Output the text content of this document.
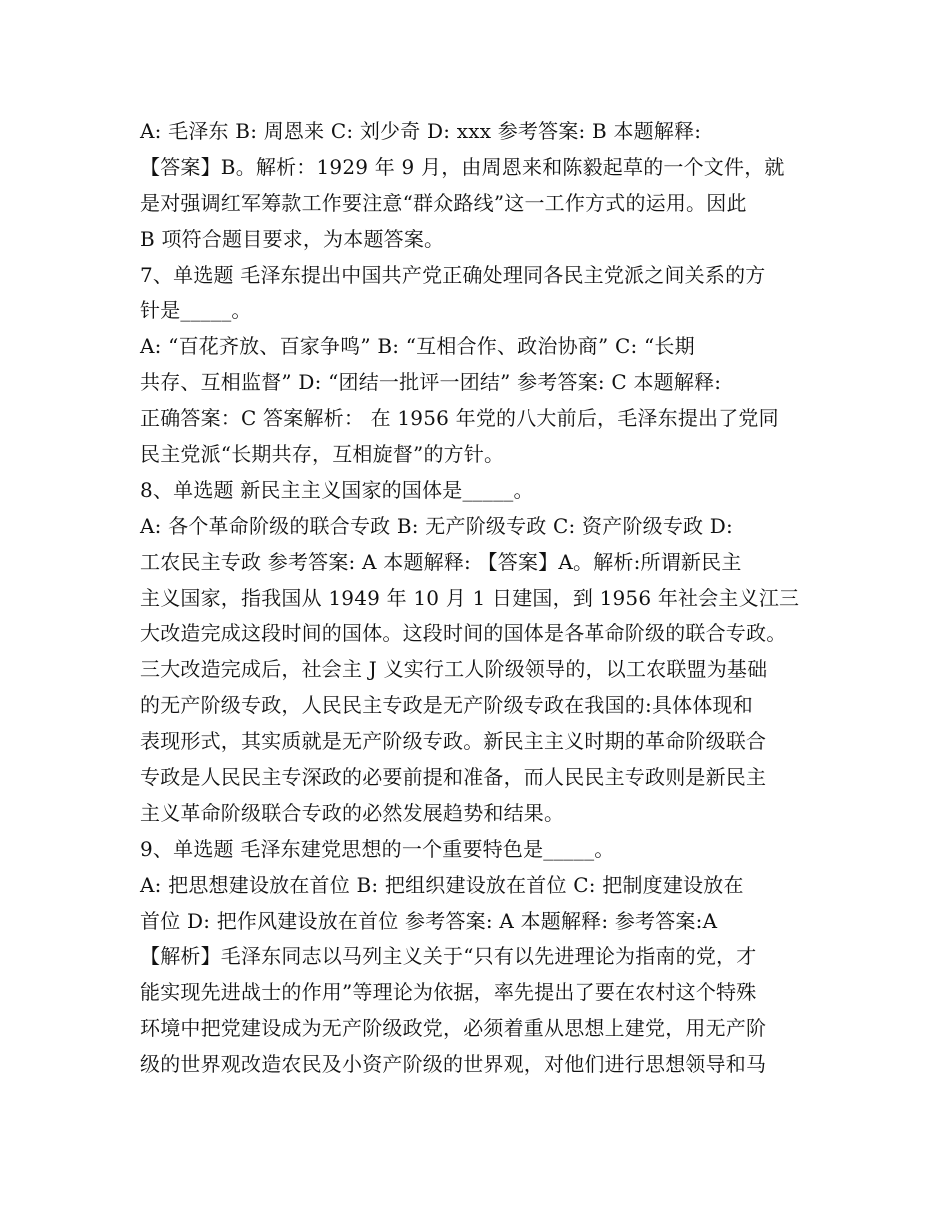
A: 毛泽东 B: 周恩来 C: 刘少奇 D: xxx 参考答案: B 本题解释:
【答案】B。解析：1929 年 9 月，由周恩来和陈毅起草的一个文件，就
是对强调红军筹款工作要注意“群众路线”这一工作方式的运用。因此
B 项符合题目要求，为本题答案。
7、单选题 毛泽东提出中国共产党正确处理同各民主党派之间关系的方
针是_____。
A: “百花齐放、百家争鸣” B: “互相合作、政治协商” C: “长期
共存、互相监督” D: “团结一批评一团结” 参考答案: C 本题解释:
正确答案：C 答案解析： 在 1956 年党的八大前后，毛泽东提出了党同
民主党派“长期共存，互相旋督”的方针。
8、单选题 新民主主义国家的国体是_____。
A: 各个革命阶级的联合专政 B: 无产阶级专政 C: 资产阶级专政 D:
工农民主专政 参考答案: A 本题解释: 【答案】A。解析:所谓新民主
主义国家，指我国从 1949 年 10 月 1 日建国，到 1956 年社会主义江三
大改造完成这段时间的国体。这段时间的国体是各革命阶级的联合专政。
三大改造完成后，社会主 J 义实行工人阶级领导的，以工农联盟为基础
的无产阶级专政，人民民主专政是无产阶级专政在我国的:具体体现和
表现形式，其实质就是无产阶级专政。新民主主义时期的革命阶级联合
专政是人民民主专深政的必要前提和准备，而人民民主专政则是新民主
主义革命阶级联合专政的必然发展趋势和结果。
9、单选题 毛泽东建党思想的一个重要特色是_____。
A: 把思想建设放在首位 B: 把组织建设放在首位 C: 把制度建设放在
首位 D: 把作风建设放在首位 参考答案: A 本题解释: 参考答案:A
【解析】毛泽东同志以马列主义关于“只有以先进理论为指南的党，才
能实现先进战士的作用”等理论为依据，率先提出了要在农村这个特殊
环境中把党建设成为无产阶级政党，必须着重从思想上建党，用无产阶
级的世界观改造农民及小资产阶级的世界观，对他们进行思想领导和马
